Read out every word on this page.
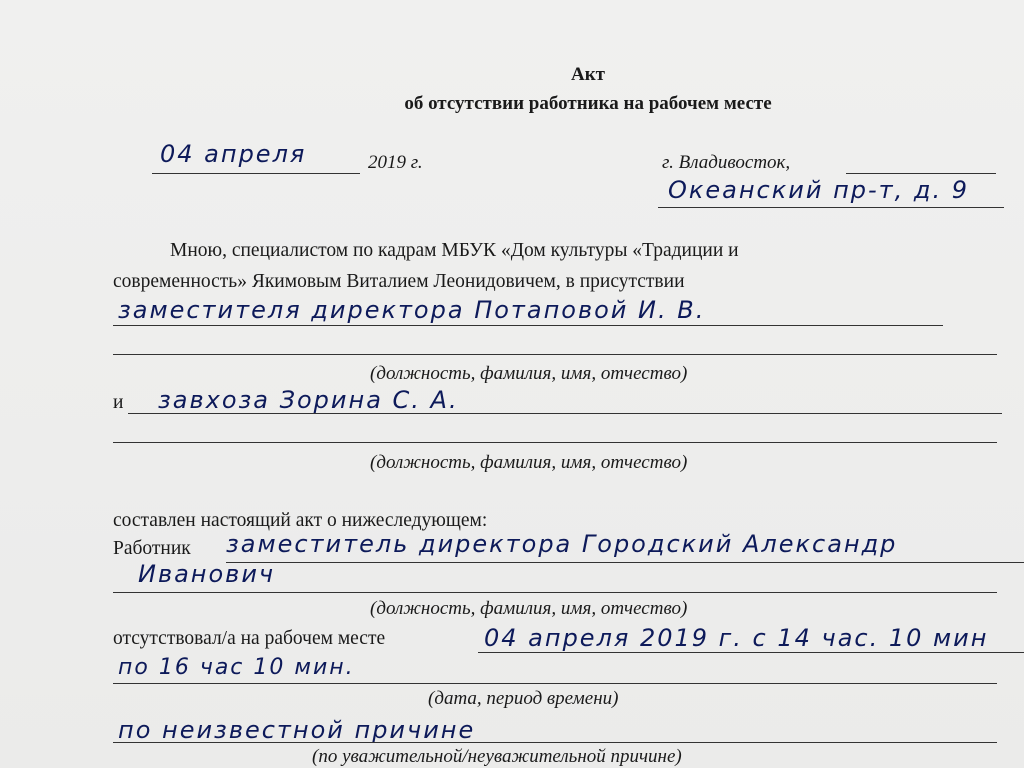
Акт
об отсутствии работника на рабочем месте
04 апреля	2019 г.	г. Владивосток,
Океанский пр-т, д. 9
Мною, специалистом по кадрам МБУК «Дом культуры «Традиции и
современность» Якимовым Виталием Леонидовичем, в присутствии
заместителя директора Потаповой И. В.
(должность, фамилия, имя, отчество)
и завхоза Зорина С. А.
(должность, фамилия, имя, отчество)
составлен настоящий акт о нижеследующем:
Работник заместитель директора Городский Александр
Иванович
(должность, фамилия, имя, отчество)
отсутствовал/а на рабочем месте	04 апреля 2019 г. с 14 час. 10 мин
по 16 час 10 мин.
(дата, период времени)
по неизвестной причине
(по уважительной/неуважительной причине)
